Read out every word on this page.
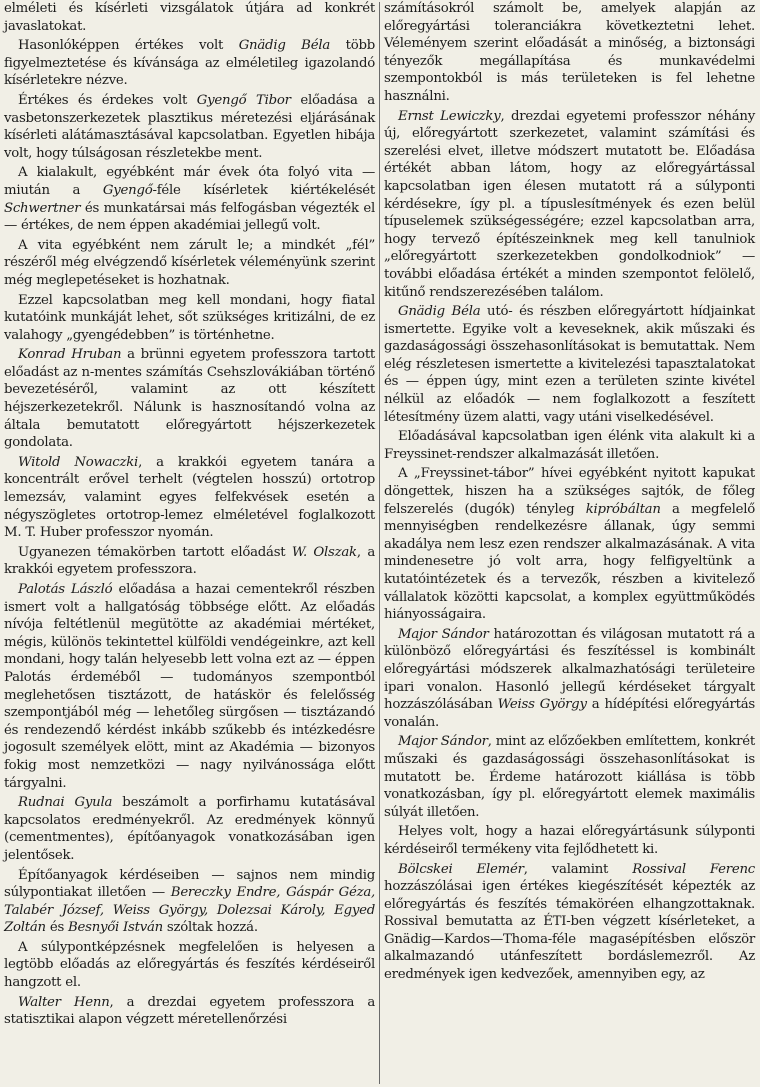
elméleti és kísérleti vizsgálatok útjára ad konkrét javaslatokat.

Hasonlóképpen értékes volt Gnädig Béla több figyelmeztetése és kívánsága az elméletileg igazolandó kísérletekre nézve.

Értékes és érdekes volt Gyengő Tibor előadása a vasbetonszerkezetek plasztikus méretezési eljárásának kísérleti alátámasztásával kapcsolatban. Egyetlen hibája volt, hogy túlságosan részletekbe ment.

A kialakult, egyébként már évek óta folyó vita — miután a Gyengő-féle kísérletek kiértékelését Schwertner és munkatársai más felfogásban végezték el — értékes, de nem éppen akadémiai jellegű volt.

A vita egyébként nem zárult le; a mindkét „fél” részéről még elvégzendő kísérletek véleményünk szerint még meglepetéseket is hozhatnak.

Ezzel kapcsolatban meg kell mondani, hogy fiatal kutatóink munkáját lehet, sőt szükséges kritizálni, de ez valahogy „gyengédebben” is történhetne.

Konrad Hruban a brünni egyetem professzora tartott előadást az n-mentes számítás Csehszlovákiában történő bevezetéséről, valamint az ott készített héjszerkezetekről. Nálunk is hasznosítandó volna az általa bemutatott előregyártott héjszerkezetek gondolata.

Witold Nowaczki, a krakkói egyetem tanára a koncentrált erővel terhelt (végtelen hosszú) ortotrop lemezsáv, valamint egyes felfekvések esetén a négyszögletes ortotrop-lemez elméletével foglalkozott M. T. Huber professzor nyomán.

Ugyanezen témakörben tartott előadást W. Olszak, a krakkói egyetem professzora.

Palotás László előadása a hazai cementekről részben ismert volt a hallgatóság többsége előtt. Az előadás nívója feltétlenül megütötte az akadémiai mértéket, mégis, különös tekintettel külföldi vendégeinkre, azt kell mondani, hogy talán helyesebb lett volna ezt az — éppen Palotás érdeméből — tudományos szempontból meglehetősen tisztázott, de hatáskör és felelősség szempontjából még — lehetőleg sürgősen — tisztázandó és rendezendő kérdést inkább szűkebb és intézkedésre jogosult személyek elött, mint az Akadémia — bizonyos fokig most nemzetközi — nagy nyilvánossága előtt tárgyalni.

Rudnai Gyula beszámolt a porfirhamu kutatásával kapcsolatos eredményekről. Az eredmények könnyű (cementmentes), építőanyagok vonatkozásában igen jelentősek.

Építőanyagok kérdéseiben — sajnos nem mindig súlypontiakat illetően — Bereczky Endre, Gáspár Géza, Talabér József, Weiss György, Dolezsai Károly, Egyed Zoltán és Besnyői István szóltak hozzá.

A súlypontképzésnek megfelelően is helyesen a legtöbb előadás az előregyártás és feszítés kérdéseiről hangzott el.

Walter Henn, a drezdai egyetem professzora a statisztikai alapon végzett méretellenőrzési

számításokról számolt be, amelyek alapján az előregyártási toleranciákra következtetni lehet. Véleményem szerint előadását a minőség, a biztonsági tényezők megállapítása és munkavédelmi szempontokból is más területeken is fel lehetne használni.

Ernst Lewiczky, drezdai egyetemi professzor néhány új, előregyártott szerkezetet, valamint számítási és szerelési elvet, illetve módszert mutatott be. Előadása értékét abban látom, hogy az előregyártással kapcsolatban igen élesen mutatott rá a súlyponti kérdésekre, így pl. a típuslesítmények és ezen belül típuselemek szükségességére; ezzel kapcsolatban arra, hogy tervező építészeinknek meg kell tanulniok „előregyártott szerkezetekben gondolkodniok” — további előadása értékét a minden szempontot felölelő, kitűnő rendszerezésében találom.

Gnädig Béla utó- és részben előregyártott hídjainkat ismertette. Egyike volt a keveseknek, akik műszaki és gazdaságossági összehasonlításokat is bemutattak. Nem elég részletesen ismertette a kivitelezési tapasztalatokat és — éppen úgy, mint ezen a területen szinte kivétel nélkül az előadók — nem foglalkozott a feszített létesítmény üzem alatti, vagy utáni viselkedésével.

Előadásával kapcsolatban igen élénk vita alakult ki a Freyssinet-rendszer alkalmazását illetően.

A „Freyssinet-tábor” hívei egyébként nyitott kapukat döngettek, hiszen ha a szükséges sajtók, de főleg felszerelés (dugók) tényleg kipróbáltan a megfelelő mennyiségben rendelkezésre állanak, úgy semmi akadálya nem lesz ezen rendszer alkalmazásának. A vita mindenesetre jó volt arra, hogy felfigyeltünk a kutatóintézetek és a tervezők, részben a kivitelező vállalatok közötti kapcsolat, a komplex együttműködés hiányosságaira.

Major Sándor határozottan és világosan mutatott rá a különböző előregyártási és feszítéssel is kombinált előregyártási módszerek alkalmazhatósági területeire ipari vonalon. Hasonló jellegű kérdéseket tárgyalt hozzászólásában Weiss György a hídépítési előregyártás vonalán.

Major Sándor, mint az előzőekben említettem, konkrét műszaki és gazdaságossági összehasonlításokat is mutatott be. Érdeme határozott kiállása is több vonatkozásban, így pl. előregyártott elemek maximális súlyát illetően.

Helyes volt, hogy a hazai előregyártásunk súlyponti kérdéseiről termékeny vita fejlődhetett ki.

Bölcskei Elemér, valamint Rossival Ferenc hozzászólásai igen értékes kiegészítését képezték az előregyártás és feszítés témaköréen elhangzottaknak. Rossival bemutatta az ÉTI-ben végzett kísérleteket, a Gnädig—Kardos—Thoma-féle magasépítésben először alkalmazandó utánfeszített bordáslemezről. Az eredmények igen kedvezőek, amennyiben egy, az
